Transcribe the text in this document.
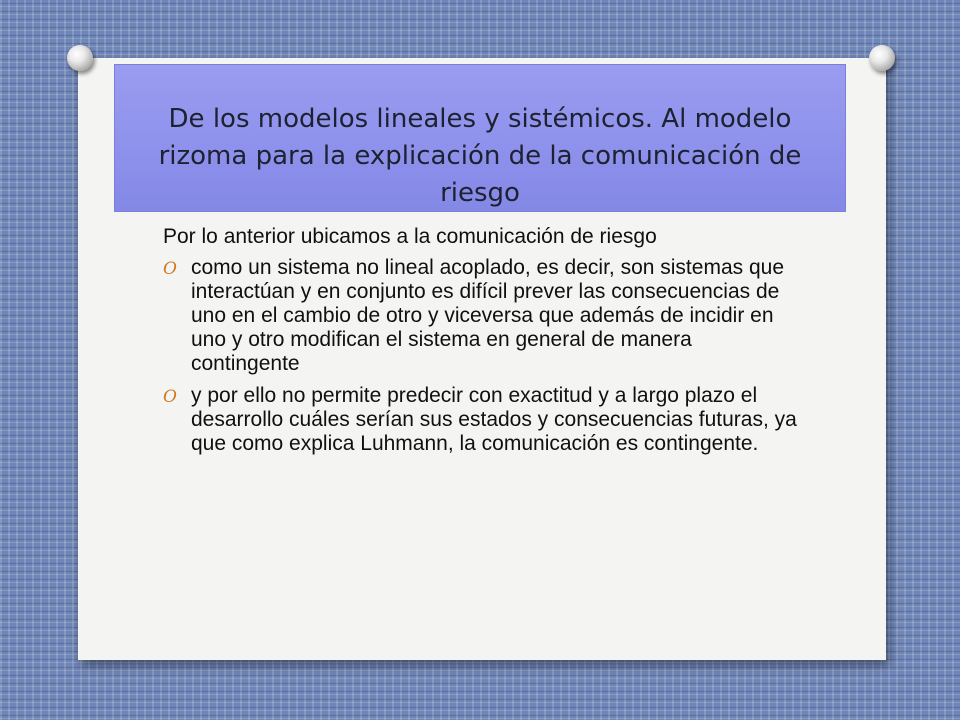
De los modelos lineales y sistémicos. Al modelo rizoma para la explicación de la comunicación de riesgo
Por lo anterior ubicamos a la comunicación de riesgo
O como un sistema no lineal acoplado, es decir, son sistemas que interactúan y en conjunto es difícil prever las consecuencias de uno en el cambio de otro y viceversa que además de incidir en uno y otro modifican el sistema en general de manera contingente
O y por ello no permite predecir con exactitud y a largo plazo el desarrollo cuáles serían sus estados y consecuencias futuras, ya que como explica Luhmann, la comunicación es contingente.
